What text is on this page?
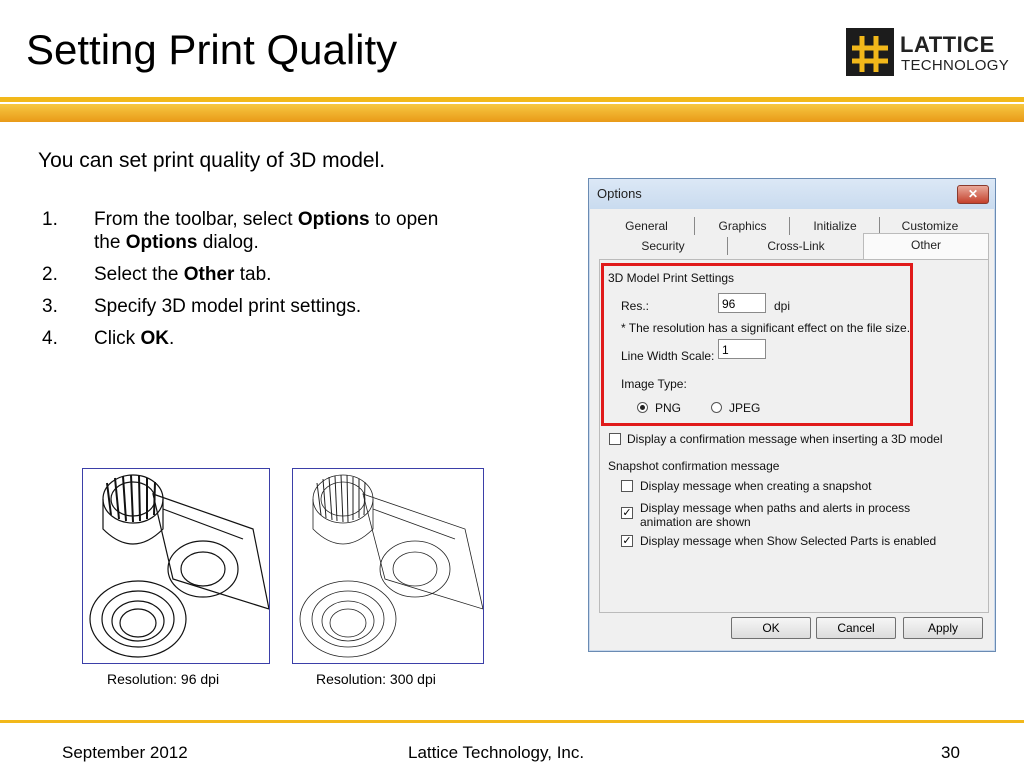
Setting Print Quality	LATTICE
TECHNOLOGY
You can set print quality of 3D model.
1. From the toolbar, select Options to open
the Options dialog.
2. Select the Other tab.
3. Specify 3D model print settings.
4. Click OK.
Resolution: 96 dpi	Resolution: 300 dpi
Options	✕
General	Graphics	Initialize	Customize
Security	Cross-Link	Other
3D Model Print Settings
Res.:	96	dpi
* The resolution has a significant effect on the file size.
Line Width Scale: 1
Image Type:
PNG	JPEG
Display a confirmation message when inserting a 3D model
Snapshot confirmation message
Display message when creating a snapshot
✓ Display message when paths and alerts in process
animation are shown
✓ Display message when Show Selected Parts is enabled
OK	Cancel	Apply
September 2012	Lattice Technology, Inc.	30
